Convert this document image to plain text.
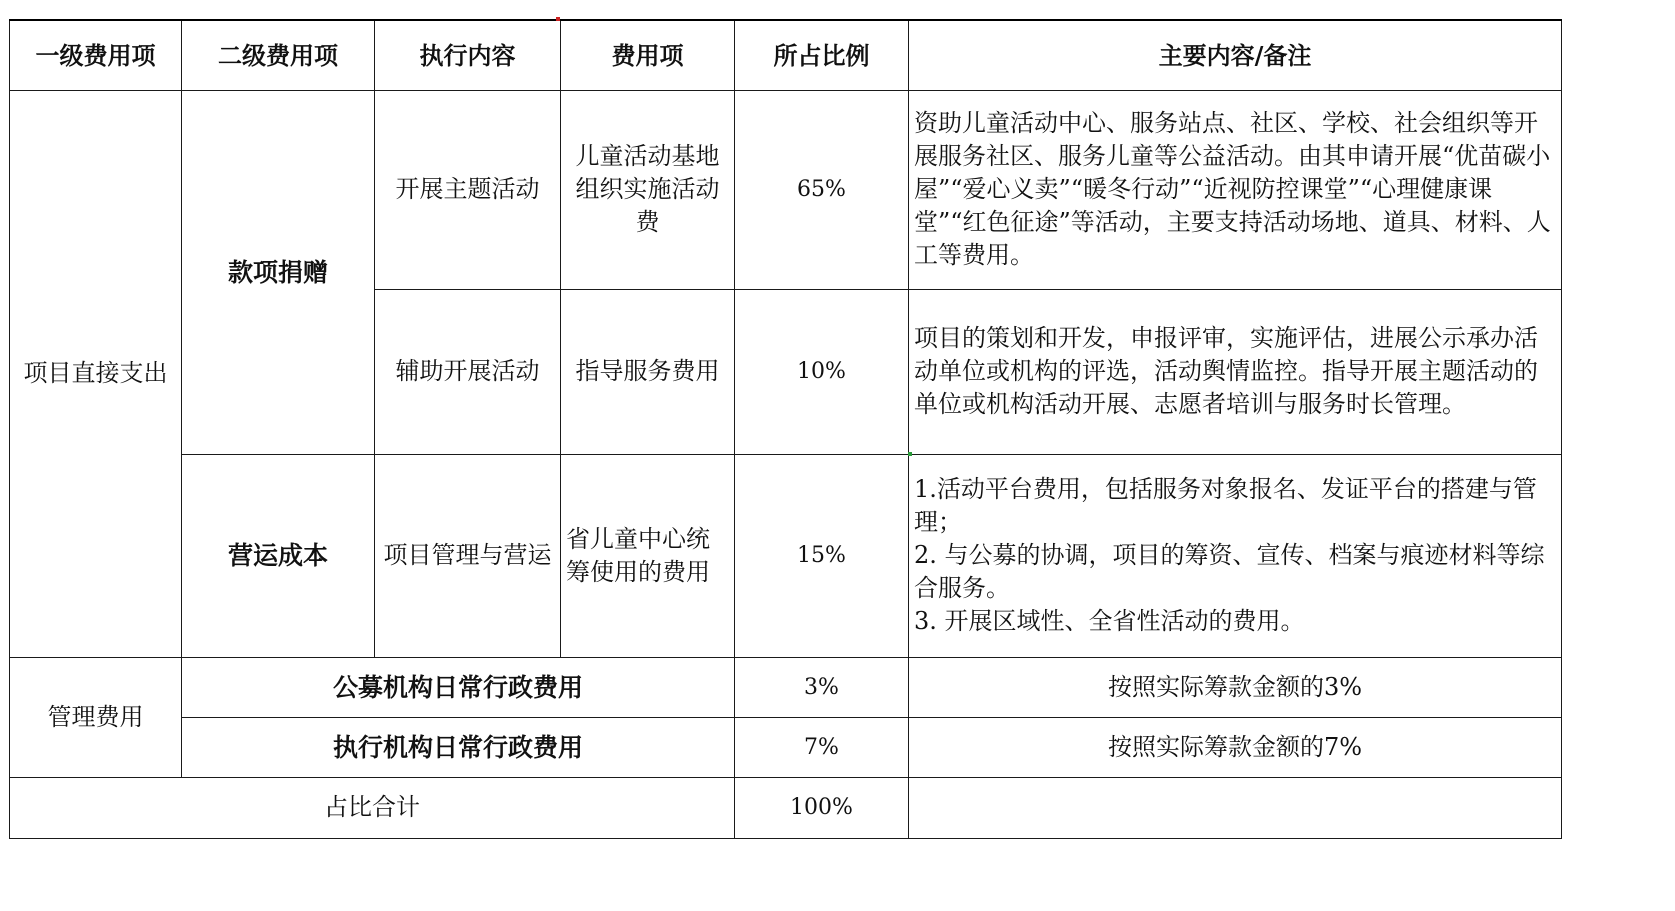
一级费用项	二级费用项	执行内容	费用项	所占比例	主要内容/备注
项目直接支出	款项捐赠	开展主题活动	儿童活动基地组织实施活动费	65%	资助儿童活动中心、服务站点、社区、学校、社会组织等开展服务社区、服务儿童等公益活动。由其申请开展“优苗碳小屋”“爱心义卖”“暖冬行动”“近视防控课堂”“心理健康课堂”“红色征途”等活动，主要支持活动场地、道具、材料、人工等费用。
		辅助开展活动	指导服务费用	10%	项目的策划和开发，申报评审，实施评估，进展公示承办活动单位或机构的评选，活动舆情监控。指导开展主题活动的单位或机构活动开展、志愿者培训与服务时长管理。
	营运成本	项目管理与营运	省儿童中心统筹使用的费用	15%	1.活动平台费用，包括服务对象报名、发证平台的搭建与管理；
2. 与公募的协调，项目的筹资、宣传、档案与痕迹材料等综合服务。
3. 开展区域性、全省性活动的费用。

管理费用	公募机构日常行政费用			3%	按照实际筹款金额的3%
	执行机构日常行政费用			7%	按照实际筹款金额的7%
占比合计				100%	
